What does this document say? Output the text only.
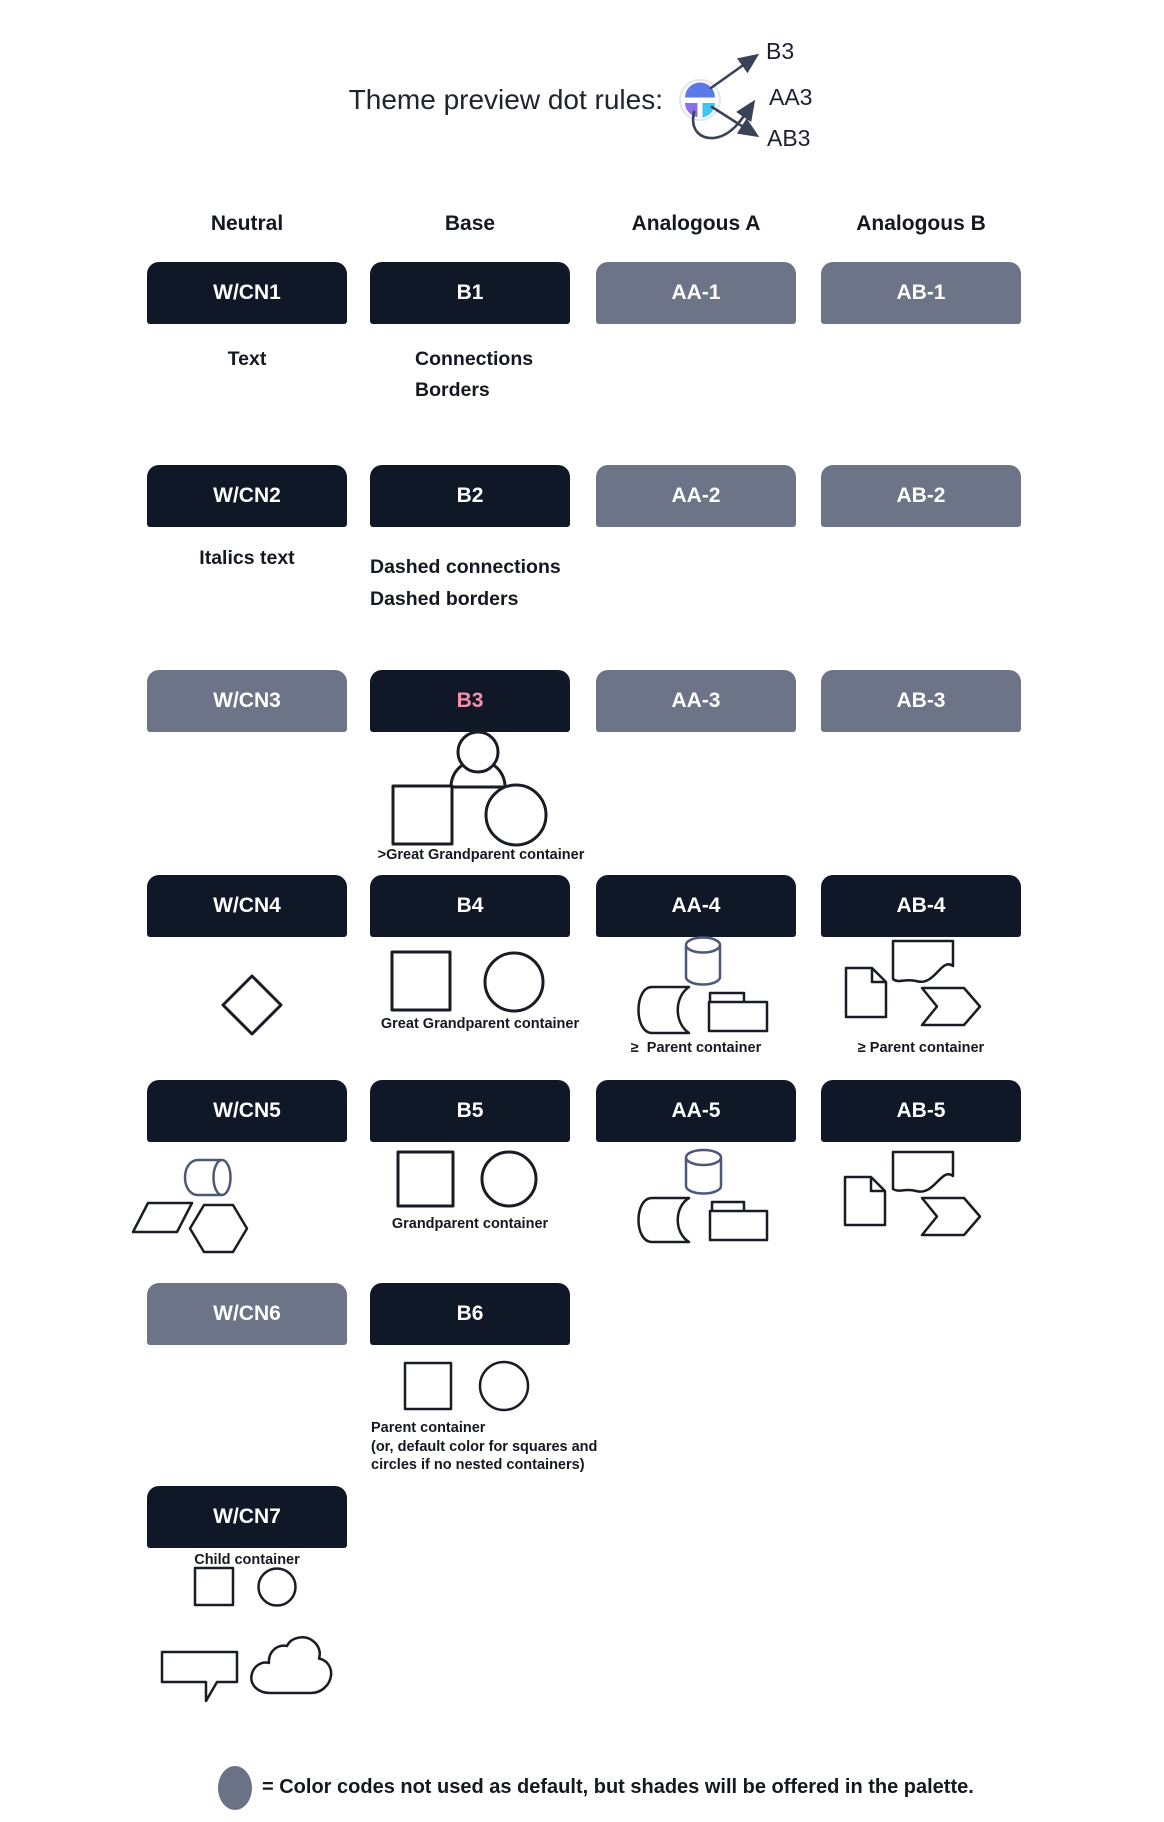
Theme preview dot rules:
B3
AA3
AB3
Neutral	Base	Analogous A	Analogous B
W/CN1	B1	AA-1	AB-1
Text	Connections
Borders
W/CN2	B2	AA-2	AB-2
Italics text	Dashed connections
Dashed borders
W/CN3	B3	AA-3	AB-3
>Great Grandparent container
W/CN4	B4	AA-4	AB-4
Great Grandparent container
≥  Parent container	≥ Parent container
W/CN5	B5	AA-5	AB-5
Grandparent container
W/CN6	B6
Parent container
(or, default color for squares and
circles if no nested containers)
W/CN7
Child container
= Color codes not used as default, but shades will be offered in the palette.
